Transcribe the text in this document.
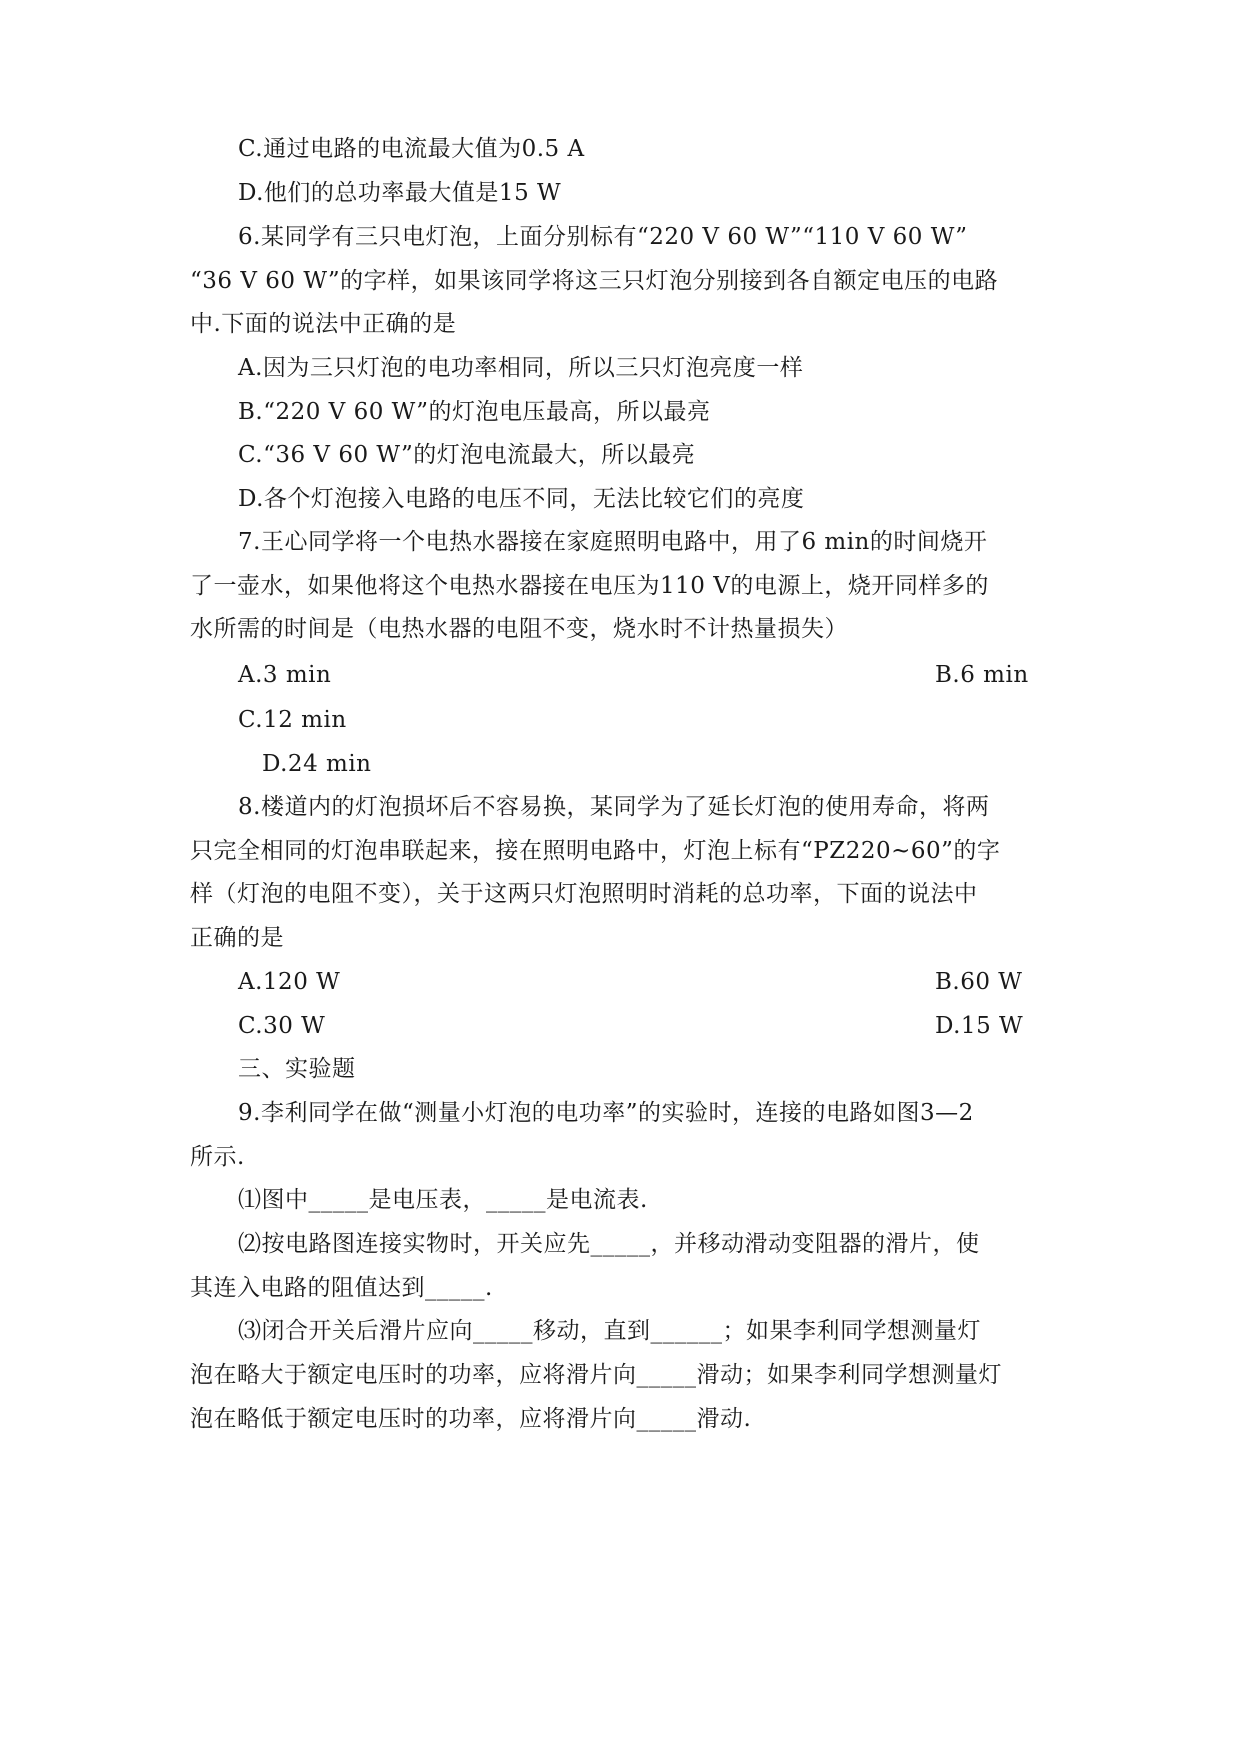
C.通过电路的电流最大值为0.5 A
D.他们的总功率最大值是15 W
6.某同学有三只电灯泡，上面分别标有“220 V 60 W”“110 V 60 W”
“36 V 60 W”的字样，如果该同学将这三只灯泡分别接到各自额定电压的电路
中.下面的说法中正确的是
A.因为三只灯泡的电功率相同，所以三只灯泡亮度一样
B.“220 V 60 W”的灯泡电压最高，所以最亮
C.“36 V 60 W”的灯泡电流最大，所以最亮
D.各个灯泡接入电路的电压不同，无法比较它们的亮度
7.王心同学将一个电热水器接在家庭照明电路中，用了6 min的时间烧开
了一壶水，如果他将这个电热水器接在电压为110 V的电源上，烧开同样多的
水所需的时间是（电热水器的电阻不变，烧水时不计热量损失）
A.3 min	B.6 min
C.12 min
D.24 min
8.楼道内的灯泡损坏后不容易换，某同学为了延长灯泡的使用寿命，将两
只完全相同的灯泡串联起来，接在照明电路中，灯泡上标有“PZ220~60”的字
样（灯泡的电阻不变），关于这两只灯泡照明时消耗的总功率，下面的说法中
正确的是
A.120 W	B.60 W
C.30 W	D.15 W
三、实验题
9.李利同学在做“测量小灯泡的电功率”的实验时，连接的电路如图3—2
所示.
⑴图中_____是电压表，_____是电流表.
⑵按电路图连接实物时，开关应先_____，并移动滑动变阻器的滑片，使
其连入电路的阻值达到_____.
⑶闭合开关后滑片应向_____移动，直到______；如果李利同学想测量灯
泡在略大于额定电压时的功率，应将滑片向_____滑动；如果李利同学想测量灯
泡在略低于额定电压时的功率，应将滑片向_____滑动.
